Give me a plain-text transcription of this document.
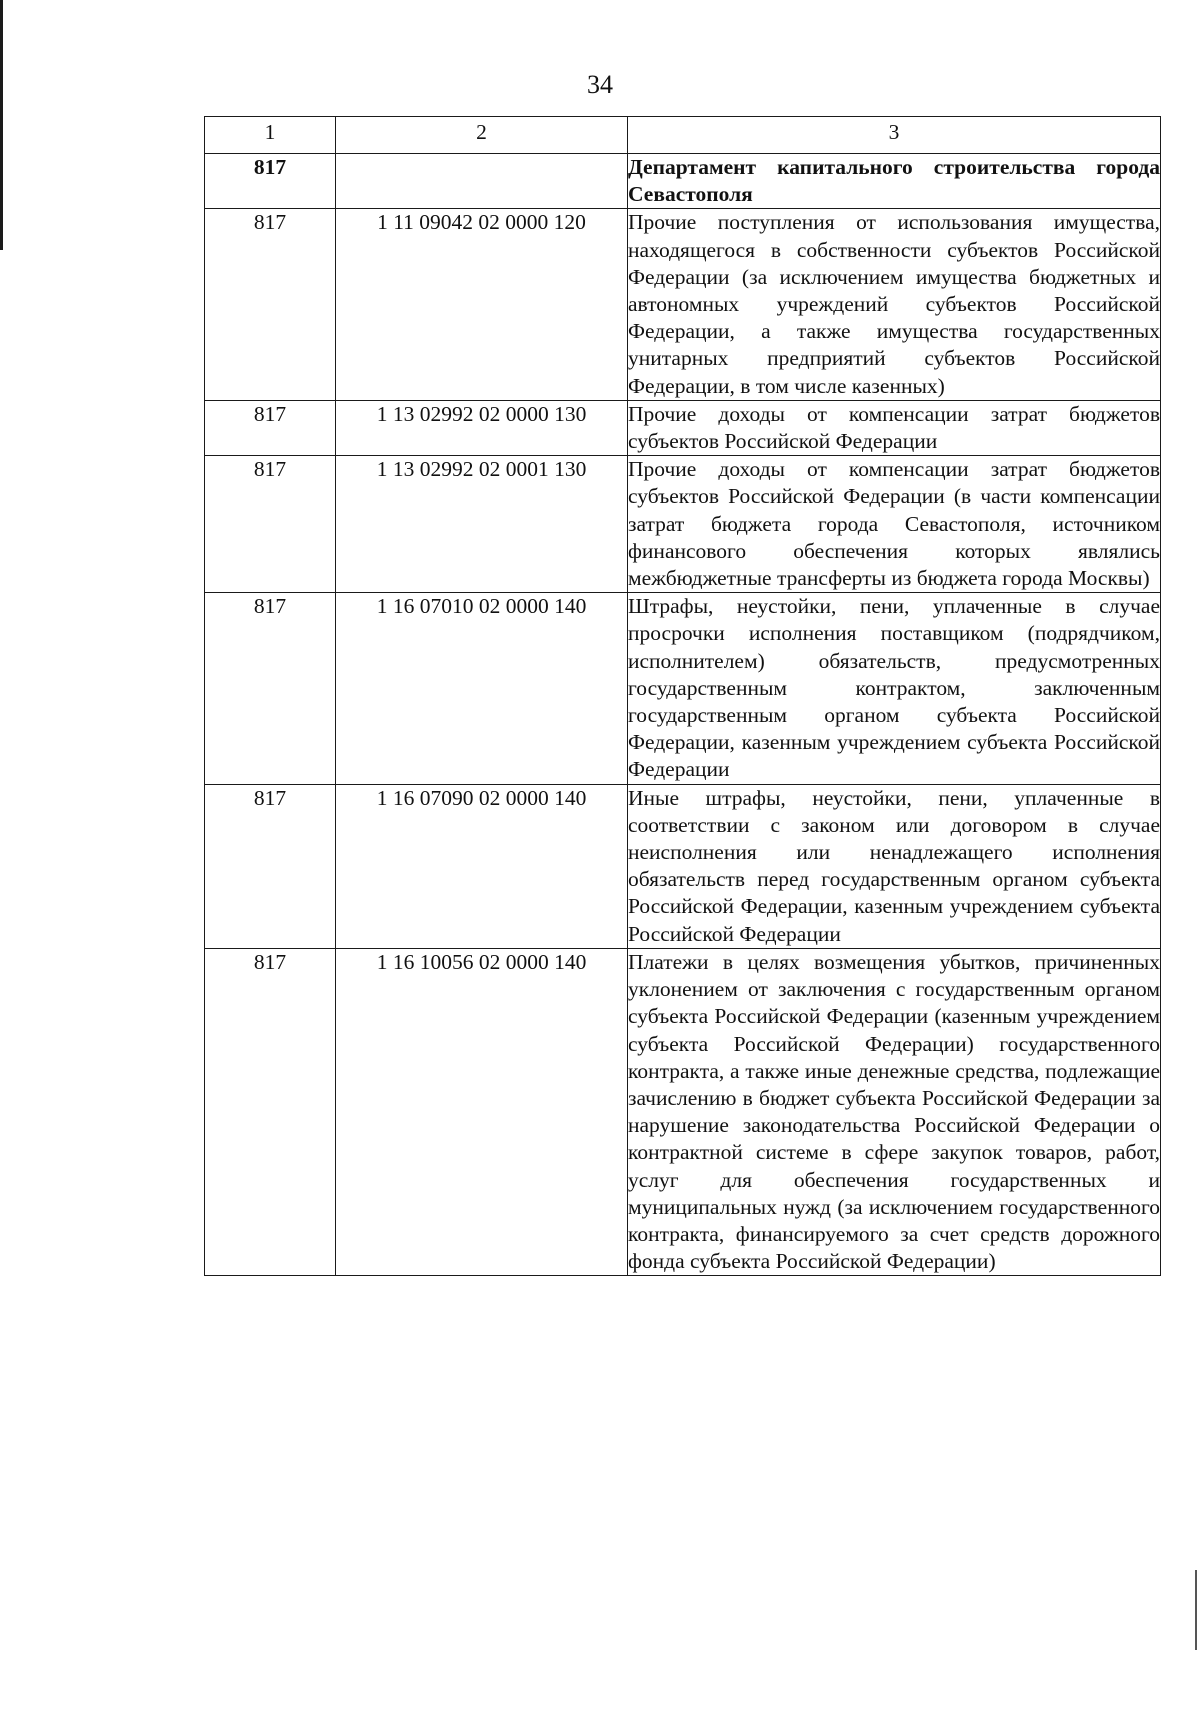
34
1	2	3
817		Департамент капитального строительства города Севастополя
817	1 11 09042 02 0000 120	Прочие поступления от использования имущества, находящегося в собственности субъектов Российской Федерации (за исключением имущества бюджетных и автономных учреждений субъектов Российской Федерации, а также имущества государственных унитарных предприятий субъектов Российской Федерации, в том числе казенных)
817	1 13 02992 02 0000 130	Прочие доходы от компенсации затрат бюджетов субъектов Российской Федерации
817	1 13 02992 02 0001 130	Прочие доходы от компенсации затрат бюджетов субъектов Российской Федерации (в части компенсации затрат бюджета города Севастополя, источником финансового обеспечения которых являлись межбюджетные трансферты из бюджета города Москвы)
817	1 16 07010 02 0000 140	Штрафы, неустойки, пени, уплаченные в случае просрочки исполнения поставщиком (подрядчиком, исполнителем) обязательств, предусмотренных государственным контрактом, заключенным государственным органом субъекта Российской Федерации, казенным учреждением субъекта Российской Федерации
817	1 16 07090 02 0000 140	Иные штрафы, неустойки, пени, уплаченные в соответствии с законом или договором в случае неисполнения или ненадлежащего исполнения обязательств перед государственным органом субъекта Российской Федерации, казенным учреждением субъекта Российской Федерации
817	1 16 10056 02 0000 140	Платежи в целях возмещения убытков, причиненных уклонением от заключения с государственным органом субъекта Российской Федерации (казенным учреждением субъекта Российской Федерации) государственного контракта, а также иные денежные средства, подлежащие зачислению в бюджет субъекта Российской Федерации за нарушение законодательства Российской Федерации о контрактной системе в сфере закупок товаров, работ, услуг для обеспечения государственных и муниципальных нужд (за исключением государственного контракта, финансируемого за счет средств дорожного фонда субъекта Российской Федерации)
